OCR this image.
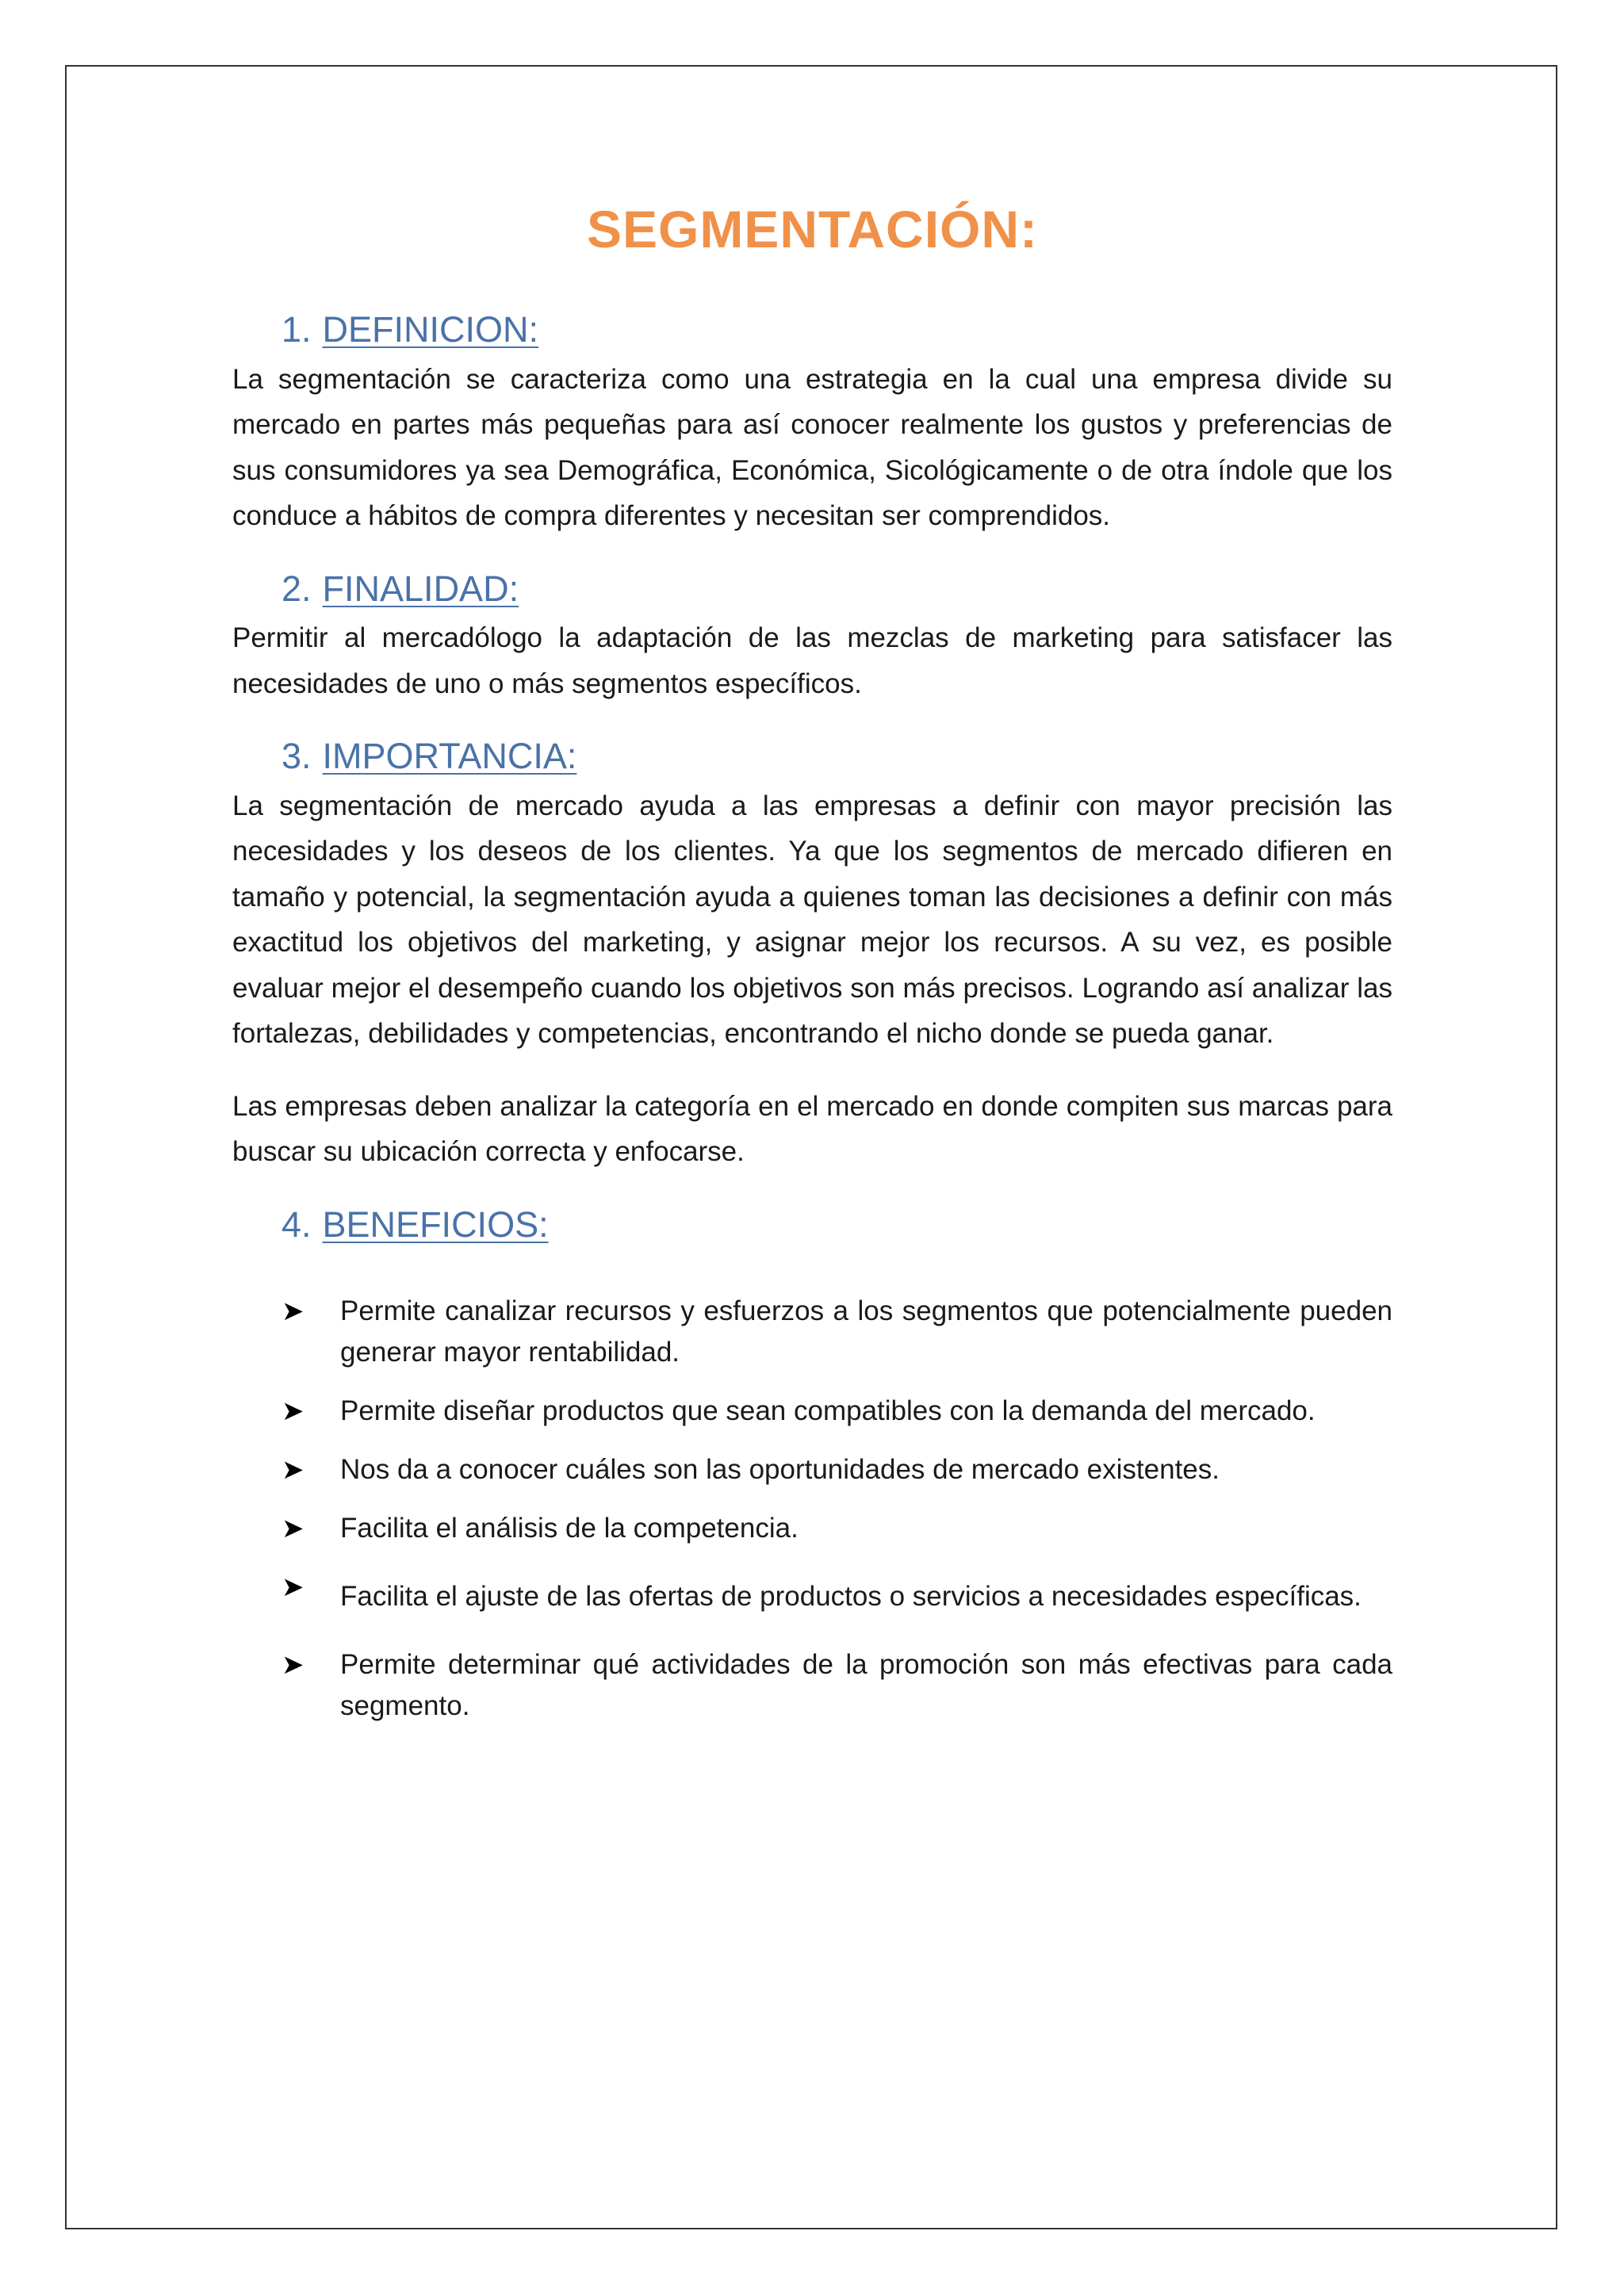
SEGMENTACIÓN:
1. DEFINICION:

La segmentación se caracteriza como una estrategia en la cual una empresa divide su mercado en partes más pequeñas para así conocer realmente los gustos y preferencias de sus consumidores ya sea Demográfica, Económica, Sicológicamente o de otra índole que los conduce a hábitos de compra diferentes y necesitan ser comprendidos.

2. FINALIDAD:

Permitir al mercadólogo la adaptación de las mezclas de marketing para satisfacer las necesidades de uno o más segmentos específicos.

3. IMPORTANCIA:

La segmentación de mercado ayuda a las empresas a definir con mayor precisión las necesidades y los deseos de los clientes. Ya que los segmentos de mercado difieren en tamaño y potencial, la segmentación ayuda a quienes toman las decisiones a definir con más exactitud los objetivos del marketing, y asignar mejor los recursos. A su vez, es posible evaluar mejor el desempeño cuando los objetivos son más precisos. Logrando así analizar las fortalezas, debilidades y competencias, encontrando el nicho donde se pueda ganar.

Las empresas deben analizar la categoría en el mercado en donde compiten sus marcas para buscar su ubicación correcta y enfocarse.

4. BENEFICIOS:
➤	Permite canalizar recursos y esfuerzos a los segmentos que potencialmente pueden generar mayor rentabilidad.
➤	Permite diseñar productos que sean compatibles con la demanda del mercado.
➤	Nos da a conocer cuáles son las oportunidades de mercado existentes.
➤	Facilita el análisis de la competencia.
➤	Facilita el ajuste de las ofertas de productos o servicios a necesidades específicas.
➤	Permite determinar qué actividades de la promoción son más efectivas para cada segmento.
